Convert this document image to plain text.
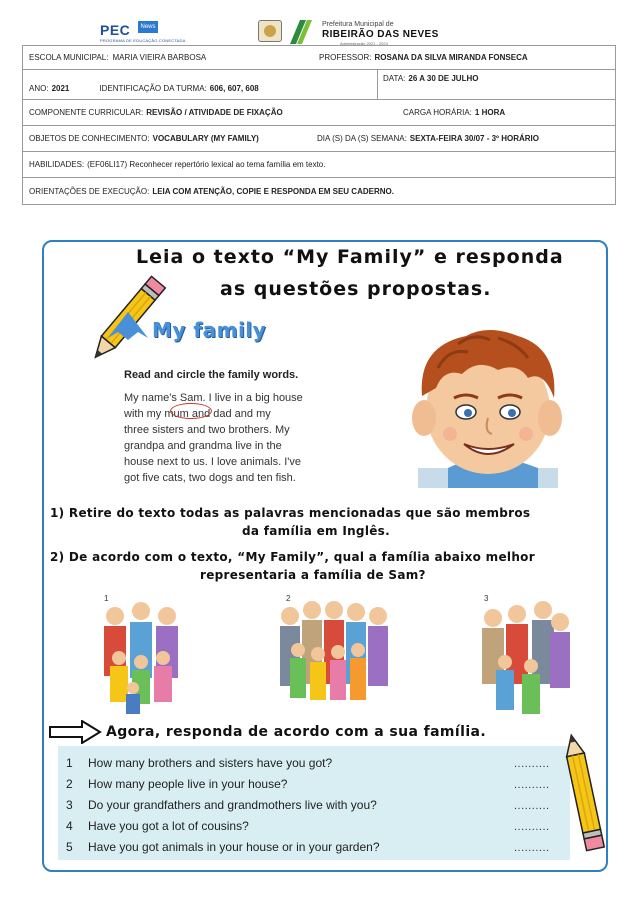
PEC	News
PROGRAMA DE EDUCAÇÃO CONECTADA
Prefeitura Municipal de
RIBEIRÃO DAS NEVES
Administração 2021 - 2024
ESCOLA MUNICIPAL: MARIA VIEIRA BARBOSA	PROFESSOR: ROSANA DA SILVA MIRANDA FONSECA
ANO: 2021	IDENTIFICAÇÃO DA TURMA: 606, 607, 608
DATA: 26 A 30 DE JULHO
COMPONENTE CURRICULAR: REVISÃO / ATIVIDADE DE FIXAÇÃO	CARGA HORÁRIA: 1 HORA
OBJETOS DE CONHECIMENTO: VOCABULARY (MY FAMILY)	DIA (S) DA (S) SEMANA: SEXTA-FEIRA 30/07 - 3º HORÁRIO
HABILIDADES: (EF06LI17) Reconhecer repertório lexical ao tema família em texto.
ORIENTAÇÕES DE EXECUÇÃO: LEIA COM ATENÇÃO, COPIE E RESPONDA EM SEU CADERNO.
Leia o texto “My Family” e responda
as questões propostas.
My family
Read and circle the family words.
My name's Sam. I live in a big house
with my mum and dad and my
three sisters and two brothers. My
grandpa and grandma live in the
house next to us. I love animals. I've
got five cats, two dogs and ten fish.
1) Retire do texto todas as palavras mencionadas que são membros
da família em Inglês.
2) De acordo com o texto, “My Family”, qual a família abaixo melhor
representaria a família de Sam?
1	2	3
Agora, responda de acordo com a sua família.
1 How many brothers and sisters have you got?	..........
2 How many people live in your house?	..........
3 Do your grandfathers and grandmothers live with you?	..........
4 Have you got a lot of cousins?	..........
5 Have you got animals in your house or in your garden?	..........
